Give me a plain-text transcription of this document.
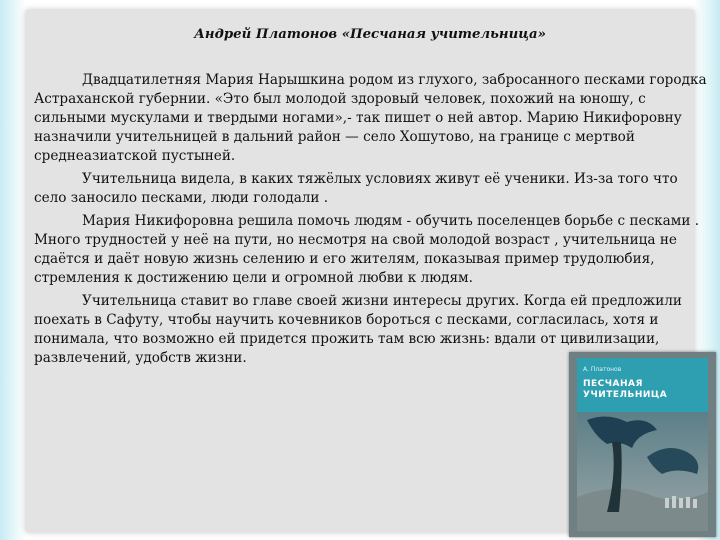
Андрей Платонов «Песчаная учительница»

Двадцатилетняя Мария Нарышкина родом из глухого, забросанного песками городка Астраханской губернии. «Это был молодой здоровый человек, похожий на юношу, с сильными мускулами и твердыми ногами»,- так пишет о ней автор. Марию Никифоровну назначили учительницей в дальний район — село Хошутово, на границе с мертвой среднеазиатской пустыней.

Учительница видела, в каких тяжёлых условиях живут её ученики. Из-за того что село заносило песками, люди голодали .

Мария Никифоровна решила помочь людям - обучить поселенцев борьбе с песками . Много трудностей у неё на пути, но несмотря на свой молодой возраст , учительница не сдаётся и даёт новую жизнь селению и его жителям, показывая пример трудолюбия, стремления к достижению цели и огромной любви к людям.

Учительница ставит во главе своей жизни интересы других. Когда ей предложили поехать в Сафуту, чтобы научить кочевников бороться с песками, согласилась, хотя и понимала, что возможно ей придется прожить там всю жизнь: вдали от цивилизации, развлечений, удобств жизни.

А. Платонов
ПЕСЧАНАЯ
УЧИТЕЛЬНИЦА
